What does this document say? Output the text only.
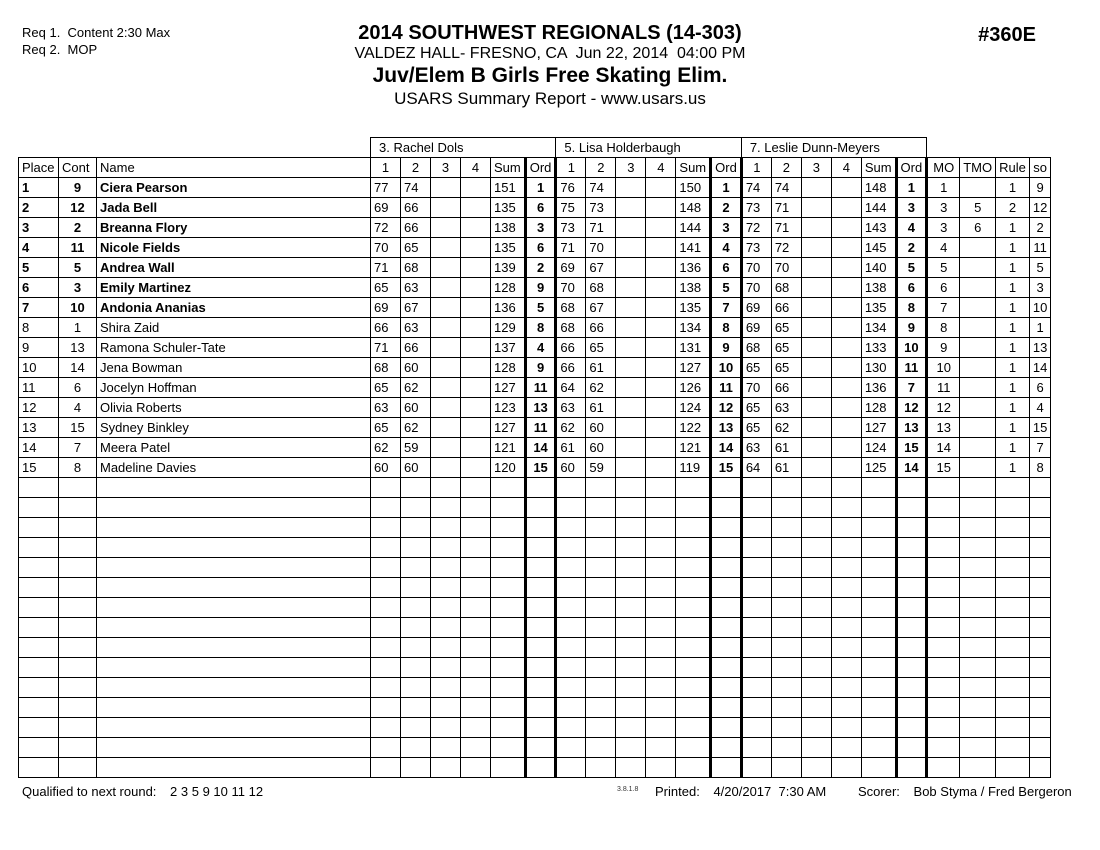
Req 1.  Content 2:30 Max
Req 2.  MOP
2014 SOUTHWEST REGIONALS (14-303)
VALDEZ HALL- FRESNO, CA  Jun 22, 2014  04:00 PM
Juv/Elem B Girls Free Skating Elim.
USARS Summary Report - www.usars.us
#360E
			3. Rachel Dols						5. Lisa Holderbaugh						7. Leslie Dunn-Meyers									
Place	Cont	Name	1	2	3	4	Sum	Ord	1	2	3	4	Sum	Ord	1	2	3	4	Sum	Ord	MO	TMO	Rule	so
1	9	Ciera Pearson	77	74			151	1	76	74			150	1	74	74			148	1	1		1	9
2	12	Jada Bell	69	66			135	6	75	73			148	2	73	71			144	3	3	5	2	12
3	2	Breanna Flory	72	66			138	3	73	71			144	3	72	71			143	4	3	6	1	2
4	11	Nicole Fields	70	65			135	6	71	70			141	4	73	72			145	2	4		1	11
5	5	Andrea Wall	71	68			139	2	69	67			136	6	70	70			140	5	5		1	5
6	3	Emily Martinez	65	63			128	9	70	68			138	5	70	68			138	6	6		1	3
7	10	Andonia Ananias	69	67			136	5	68	67			135	7	69	66			135	8	7		1	10
8	1	Shira Zaid	66	63			129	8	68	66			134	8	69	65			134	9	8		1	1
9	13	Ramona Schuler-Tate	71	66			137	4	66	65			131	9	68	65			133	10	9		1	13
10	14	Jena Bowman	68	60			128	9	66	61			127	10	65	65			130	11	10		1	14
11	6	Jocelyn Hoffman	65	62			127	11	64	62			126	11	70	66			136	7	11		1	6
12	4	Olivia Roberts	63	60			123	13	63	61			124	12	65	63			128	12	12		1	4
13	15	Sydney Binkley	65	62			127	11	62	60			122	13	65	62			127	13	13		1	15
14	7	Meera Patel	62	59			121	14	61	60			121	14	63	61			124	15	14		1	7
15	8	Madeline Davies	60	60			120	15	60	59			119	15	64	61			125	14	15		1	8

Qualified to next round: 2 3 5 9 10 11 12	3.8.1.8 Printed: 4/20/2017  7:30 AM Scorer: Bob Styma / Fred Bergeron
